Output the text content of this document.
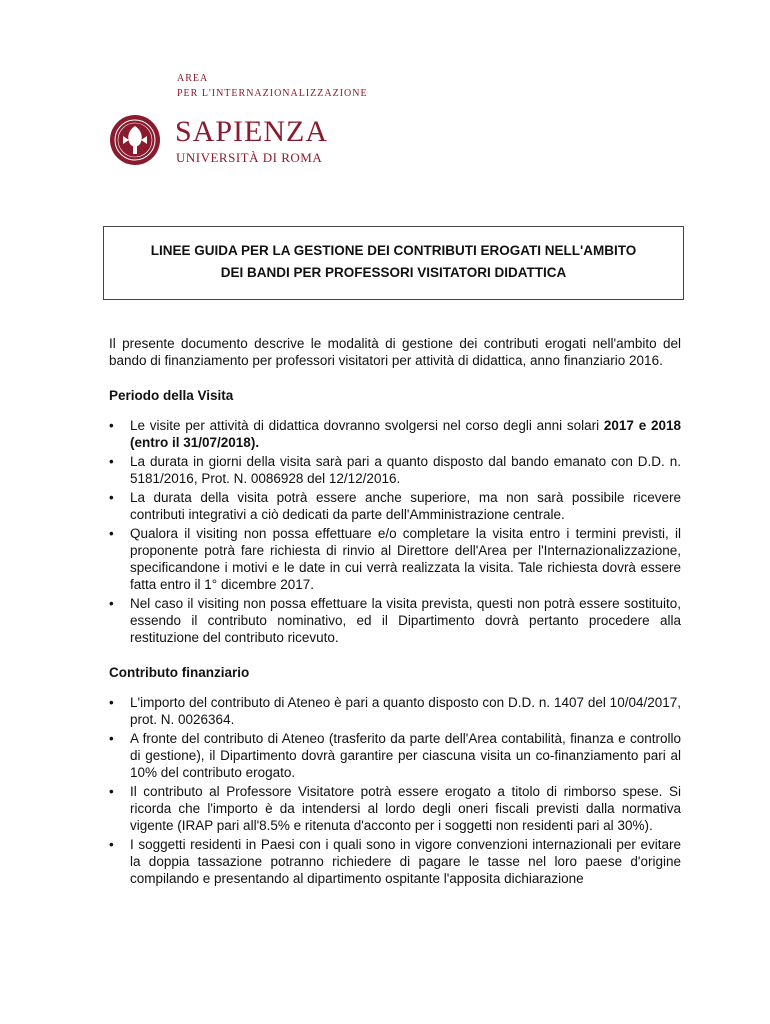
AREA
PER L'INTERNAZIONALIZZAZIONE
SAPIENZA
UNIVERSITÀ DI ROMA
LINEE GUIDA PER LA GESTIONE DEI CONTRIBUTI EROGATI NELL'AMBITO
DEI BANDI PER PROFESSORI VISITATORI DIDATTICA

Il presente documento descrive le modalità di gestione dei contributi erogati nell'ambito del bando di finanziamento per professori visitatori per attività di didattica, anno finanziario 2016.

Periodo della Visita
• Le visite per attività di didattica dovranno svolgersi nel corso degli anni solari 2017 e 2018 (entro il 31/07/2018).
• La durata in giorni della visita sarà pari a quanto disposto dal bando emanato con D.D. n. 5181/2016, Prot. N. 0086928 del 12/12/2016.
• La durata della visita potrà essere anche superiore, ma non sarà possibile ricevere contributi integrativi a ciò dedicati da parte dell'Amministrazione centrale.
• Qualora il visiting non possa effettuare e/o completare la visita entro i termini previsti, il proponente potrà fare richiesta di rinvio al Direttore dell'Area per l'Internazionalizzazione, specificandone i motivi e le date in cui verrà realizzata la visita. Tale richiesta dovrà essere fatta entro il 1° dicembre 2017.
• Nel caso il visiting non possa effettuare la visita prevista, questi non potrà essere sostituito, essendo il contributo nominativo, ed il Dipartimento dovrà pertanto procedere alla restituzione del contributo ricevuto.
Contributo finanziario
• L'importo del contributo di Ateneo è pari a quanto disposto con D.D. n. 1407 del 10/04/2017, prot. N. 0026364.
• A fronte del contributo di Ateneo (trasferito da parte dell'Area contabilità, finanza e controllo di gestione), il Dipartimento dovrà garantire per ciascuna visita un co-finanziamento pari al 10% del contributo erogato.
• Il contributo al Professore Visitatore potrà essere erogato a titolo di rimborso spese. Si ricorda che l'importo è da intendersi al lordo degli oneri fiscali previsti dalla normativa vigente (IRAP pari all'8.5% e ritenuta d'acconto per i soggetti non residenti pari al 30%).
• I soggetti residenti in Paesi con i quali sono in vigore convenzioni internazionali per evitare la doppia tassazione potranno richiedere di pagare le tasse nel loro paese d'origine compilando e presentando al dipartimento ospitante l'apposita dichiarazione
